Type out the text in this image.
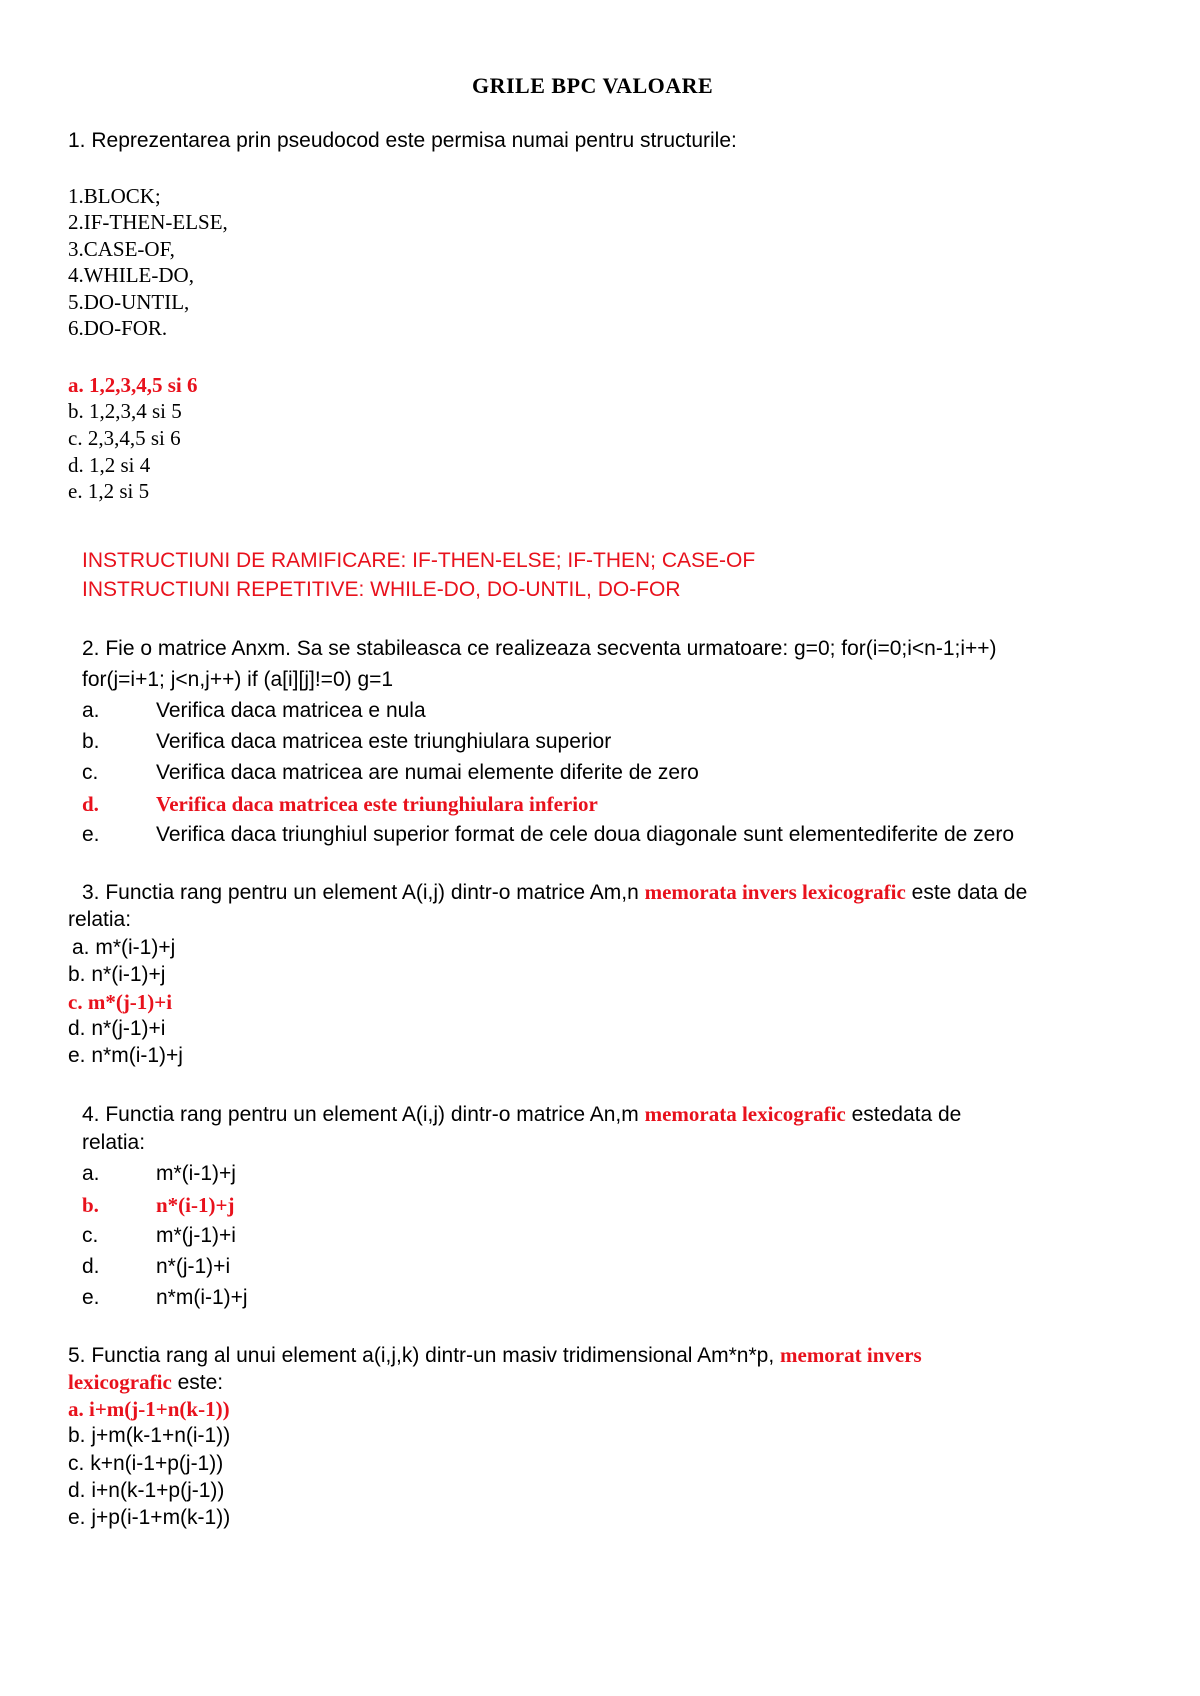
GRILE BPC VALOARE
1. Reprezentarea prin pseudocod este permisa numai pentru structurile:
1.BLOCK;
2.IF-THEN-ELSE,
3.CASE-OF,
4.WHILE-DO,
5.DO-UNTIL,
6.DO-FOR.
a. 1,2,3,4,5 si 6
b. 1,2,3,4 si 5
c. 2,3,4,5 si 6
d. 1,2 si 4
e. 1,2 si 5
INSTRUCTIUNI DE RAMIFICARE: IF-THEN-ELSE; IF-THEN; CASE-OF
INSTRUCTIUNI REPETITIVE: WHILE-DO, DO-UNTIL, DO-FOR
2. Fie o matrice Anxm. Sa se stabileasca ce realizeaza secventa urmatoare: g=0; for(i=0;i<n-1;i++)
for(j=i+1; j<n,j++) if (a[i][j]!=0) g=1
a.	Verifica daca matricea e nula
b.	Verifica daca matricea este triunghiulara superior
c.	Verifica daca matricea are numai elemente diferite de zero
d.	Verifica daca matricea este triunghiulara inferior
e.	Verifica daca triunghiul superior format de cele doua diagonale sunt elementediferite de zero
3. Functia rang pentru un element A(i,j) dintr-o matrice Am,n memorata invers lexicografic este data de
relatia:
a. m*(i-1)+j
b. n*(i-1)+j
c. m*(j-1)+i
d. n*(j-1)+i
e. n*m(i-1)+j
4. Functia rang pentru un element A(i,j) dintr-o matrice An,m memorata lexicografic estedata de
relatia:
a.	m*(i-1)+j
b.	n*(i-1)+j
c.	m*(j-1)+i
d.	n*(j-1)+i
e.	n*m(i-1)+j
5. Functia rang al unui element a(i,j,k) dintr-un masiv tridimensional Am*n*p, memorat invers
lexicografic este:
a. i+m(j-1+n(k-1))
b. j+m(k-1+n(i-1))
c. k+n(i-1+p(j-1))
d. i+n(k-1+p(j-1))
e. j+p(i-1+m(k-1))
